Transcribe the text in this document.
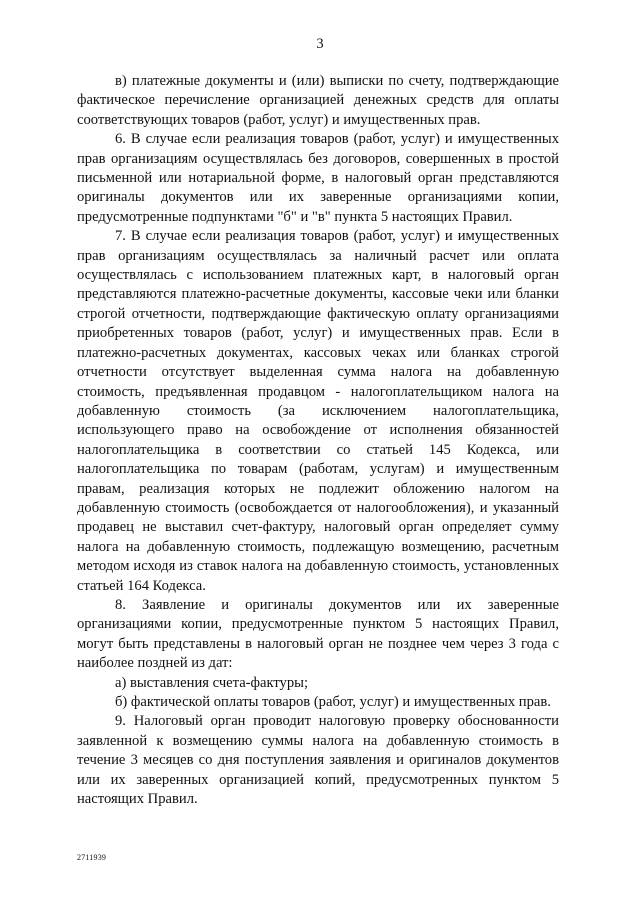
3

в) платежные документы и (или) выписки по счету, подтверждающие фактическое перечисление организацией денежных средств для оплаты соответствующих товаров (работ, услуг) и имущественных прав.

6. В случае если реализация товаров (работ, услуг) и имущественных прав организациям осуществлялась без договоров, совершенных в простой письменной или нотариальной форме, в налоговый орган представляются оригиналы документов или их заверенные организациями копии, предусмотренные подпунктами "б" и "в" пункта 5 настоящих Правил.

7. В случае если реализация товаров (работ, услуг) и имущественных прав организациям осуществлялась за наличный расчет или оплата осуществлялась с использованием платежных карт, в налоговый орган представляются платежно-расчетные документы, кассовые чеки или бланки строгой отчетности, подтверждающие фактическую оплату организациями приобретенных товаров (работ, услуг) и имущественных прав. Если в платежно-расчетных документах, кассовых чеках или бланках строгой отчетности отсутствует выделенная сумма налога на добавленную стоимость, предъявленная продавцом - налогоплательщиком налога на добавленную стоимость (за исключением налогоплательщика, использующего право на освобождение от исполнения обязанностей налогоплательщика в соответствии со статьей 145 Кодекса, или налогоплательщика по товарам (работам, услугам) и имущественным правам, реализация которых не подлежит обложению налогом на добавленную стоимость (освобождается от налогообложения), и указанный продавец не выставил счет-фактуру, налоговый орган определяет сумму налога на добавленную стоимость, подлежащую возмещению, расчетным методом исходя из ставок налога на добавленную стоимость, установленных статьей 164 Кодекса.

8. Заявление и оригиналы документов или их заверенные организациями копии, предусмотренные пунктом 5 настоящих Правил, могут быть представлены в налоговый орган не позднее чем через 3 года с наиболее поздней из дат:

а) выставления счета-фактуры;

б) фактической оплаты товаров (работ, услуг) и имущественных прав.

9. Налоговый орган проводит налоговую проверку обоснованности заявленной к возмещению суммы налога на добавленную стоимость в течение 3 месяцев со дня поступления заявления и оригиналов документов или их заверенных организацией копий, предусмотренных пунктом 5 настоящих Правил.

2711939
